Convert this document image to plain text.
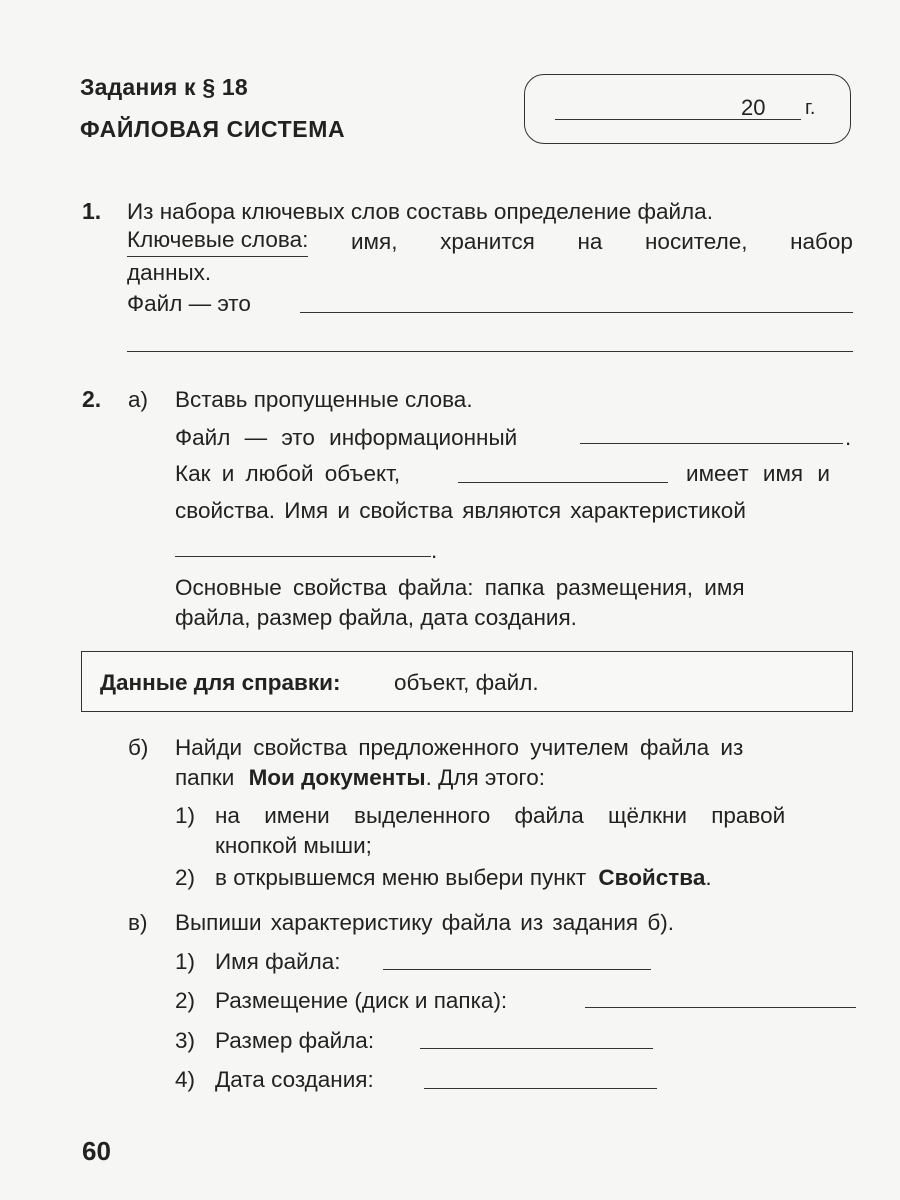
Задания к § 18
ФАЙЛОВАЯ СИСТЕМА
20 г.
1. Из набора ключевых слов составь определение файла.
Ключевые слова: имя, хранится на носителе, набор
данных.
Файл — это
2. а) Вставь пропущенные слова.
Файл — это информационный	.
Как и любой объект,	имеет имя и
свойства. Имя и свойства являются характеристикой
.
Основные свойства файла: папка размещения, имя
файла, размер файла, дата создания.
Данные для справки: объект, файл.
б) Найди свойства предложенного учителем файла из
папки Мои документы. Для этого:
1) на имени выделенного файла щёлкни правой
кнопкой мыши;
2) в открывшемся меню выбери пункт Свойства.
в) Выпиши характеристику файла из задания б).
1) Имя файла:
2) Размещение (диск и папка):
3) Размер файла:
4) Дата создания:
60
